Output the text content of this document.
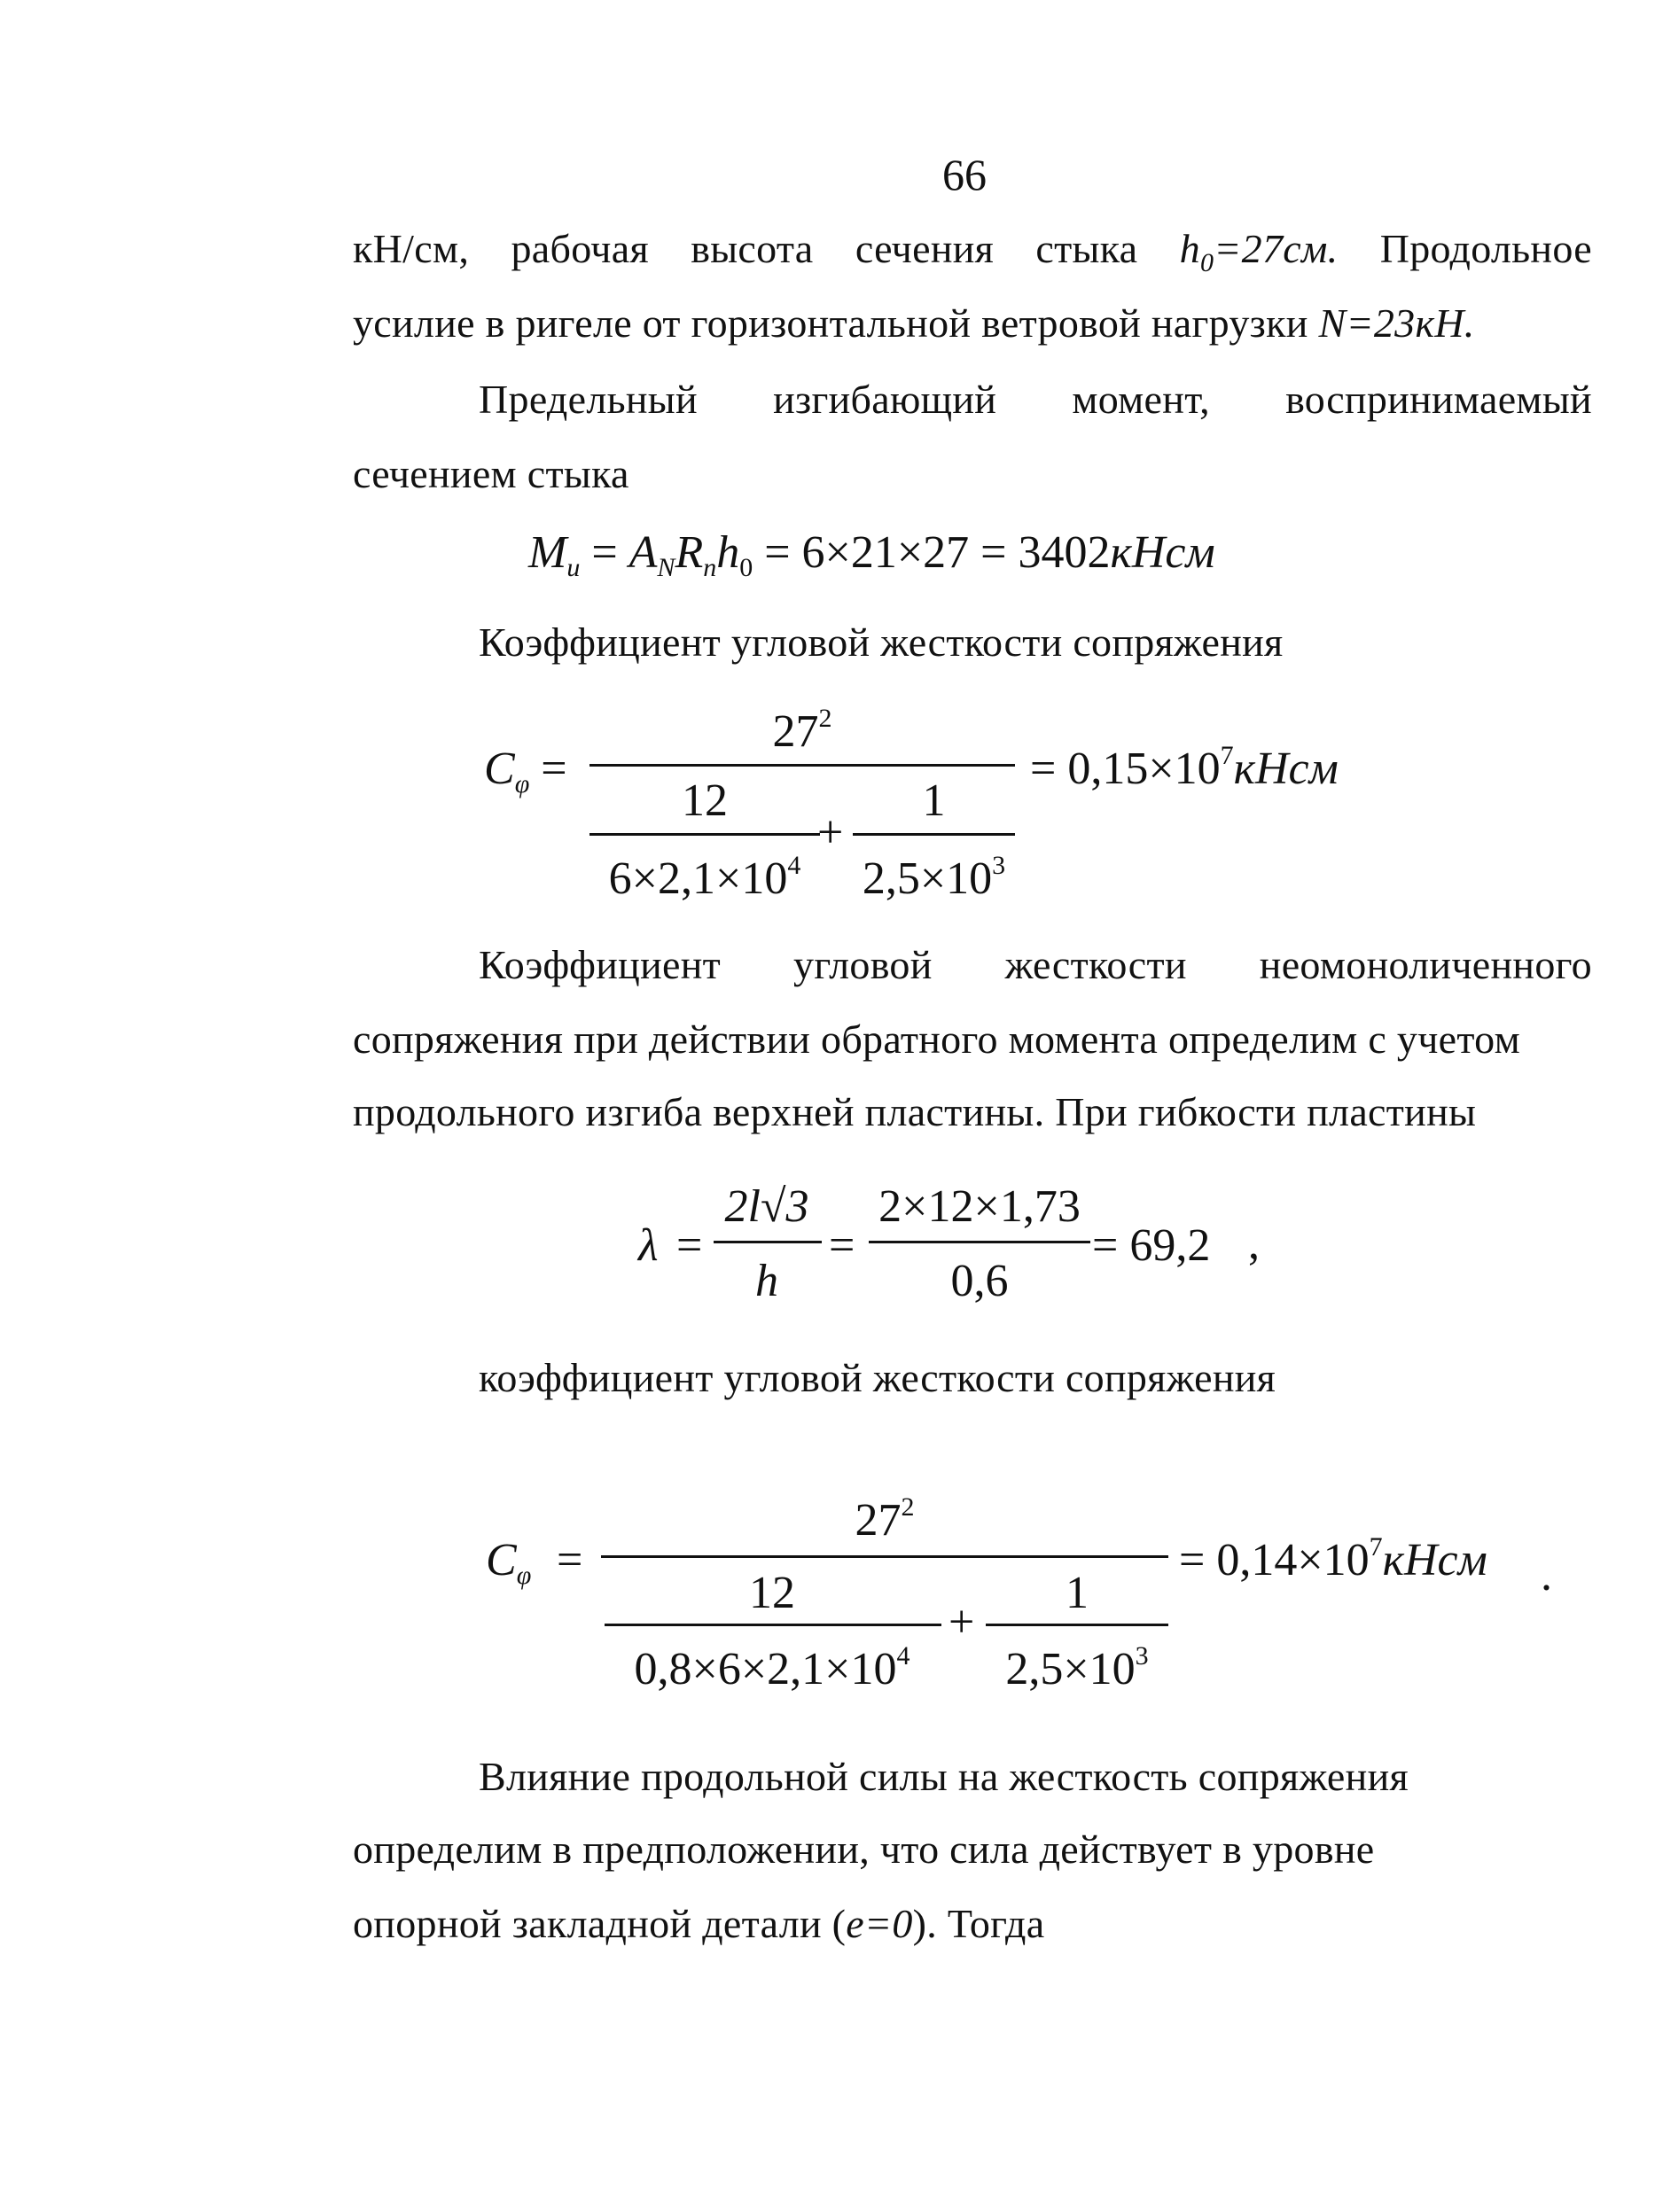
66
кН/см, рабочая высота сечения стыка $h_0=27см$. Продольное
усилие в ригеле от горизонтальной ветровой нагрузки N=23кН.
Предельный изгибающий момент, воспринимаемый
сечением стыка
Mu = ANRnh0 = 6×21×27 = 3402кНсм
Коэффициент угловой жесткости сопряжения
Cφ =
$27^2$
12
$6\times 2,1\times 10^4$
+
1
$2,5\times 10^3$
= $0,15\times 10^7кНсм$
Коэффициент угловой жесткости неомоноличенного
сопряжения при действии обратного момента определим с учетом
продольного изгиба верхней пластины. При гибкости пластины
λ =
2l√3
h
=
2×12×1,73
0,6
= 69,2 ,
коэффициент угловой жесткости сопряжения
Cφ =
$27^2$
12
$0,8\times 6\times 2,1\times 10^4$
+
1
$2,5\times 10^3$
= $0,14\times 10^7кНсм$ .
Влияние продольной силы на жесткость сопряжения
определим в предположении, что сила действует в уровне
опорной закладной детали (e=0). Тогда
